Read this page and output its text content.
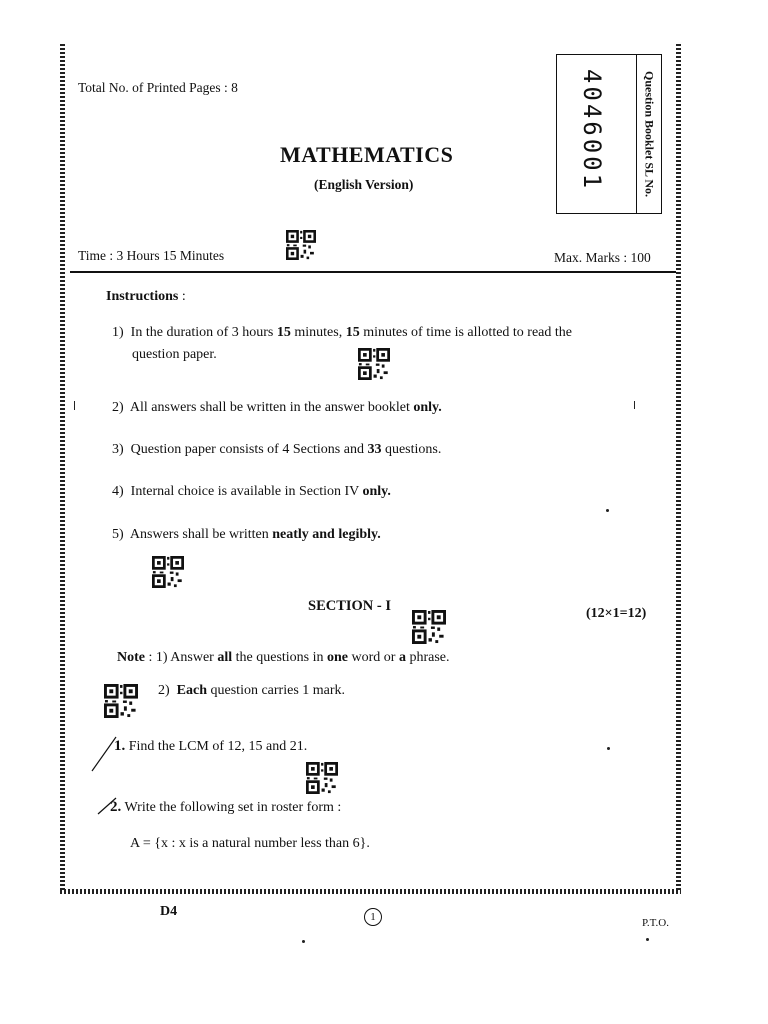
Total No. of Printed Pages : 8	Question Booklet SL No.
4046001
MATHEMATICS
(English Version)
Time : 3 Hours 15 Minutes	Max. Marks : 100
Instructions :
1) In the duration of 3 hours 15 minutes, 15 minutes of time is allotted to read the
question paper.
2) All answers shall be written in the answer booklet only.
3) Question paper consists of 4 Sections and 33 questions.
4) Internal choice is available in Section IV only.
5) Answers shall be written neatly and legibly.
SECTION - I	(12×1=12)
Note : 1) Answer all the questions in one word or a phrase.
2) Each question carries 1 mark.
1. Find the LCM of 12, 15 and 21.
2. Write the following set in roster form :
A = {x : x is a natural number less than 6}.
D4	1	P.T.O.
